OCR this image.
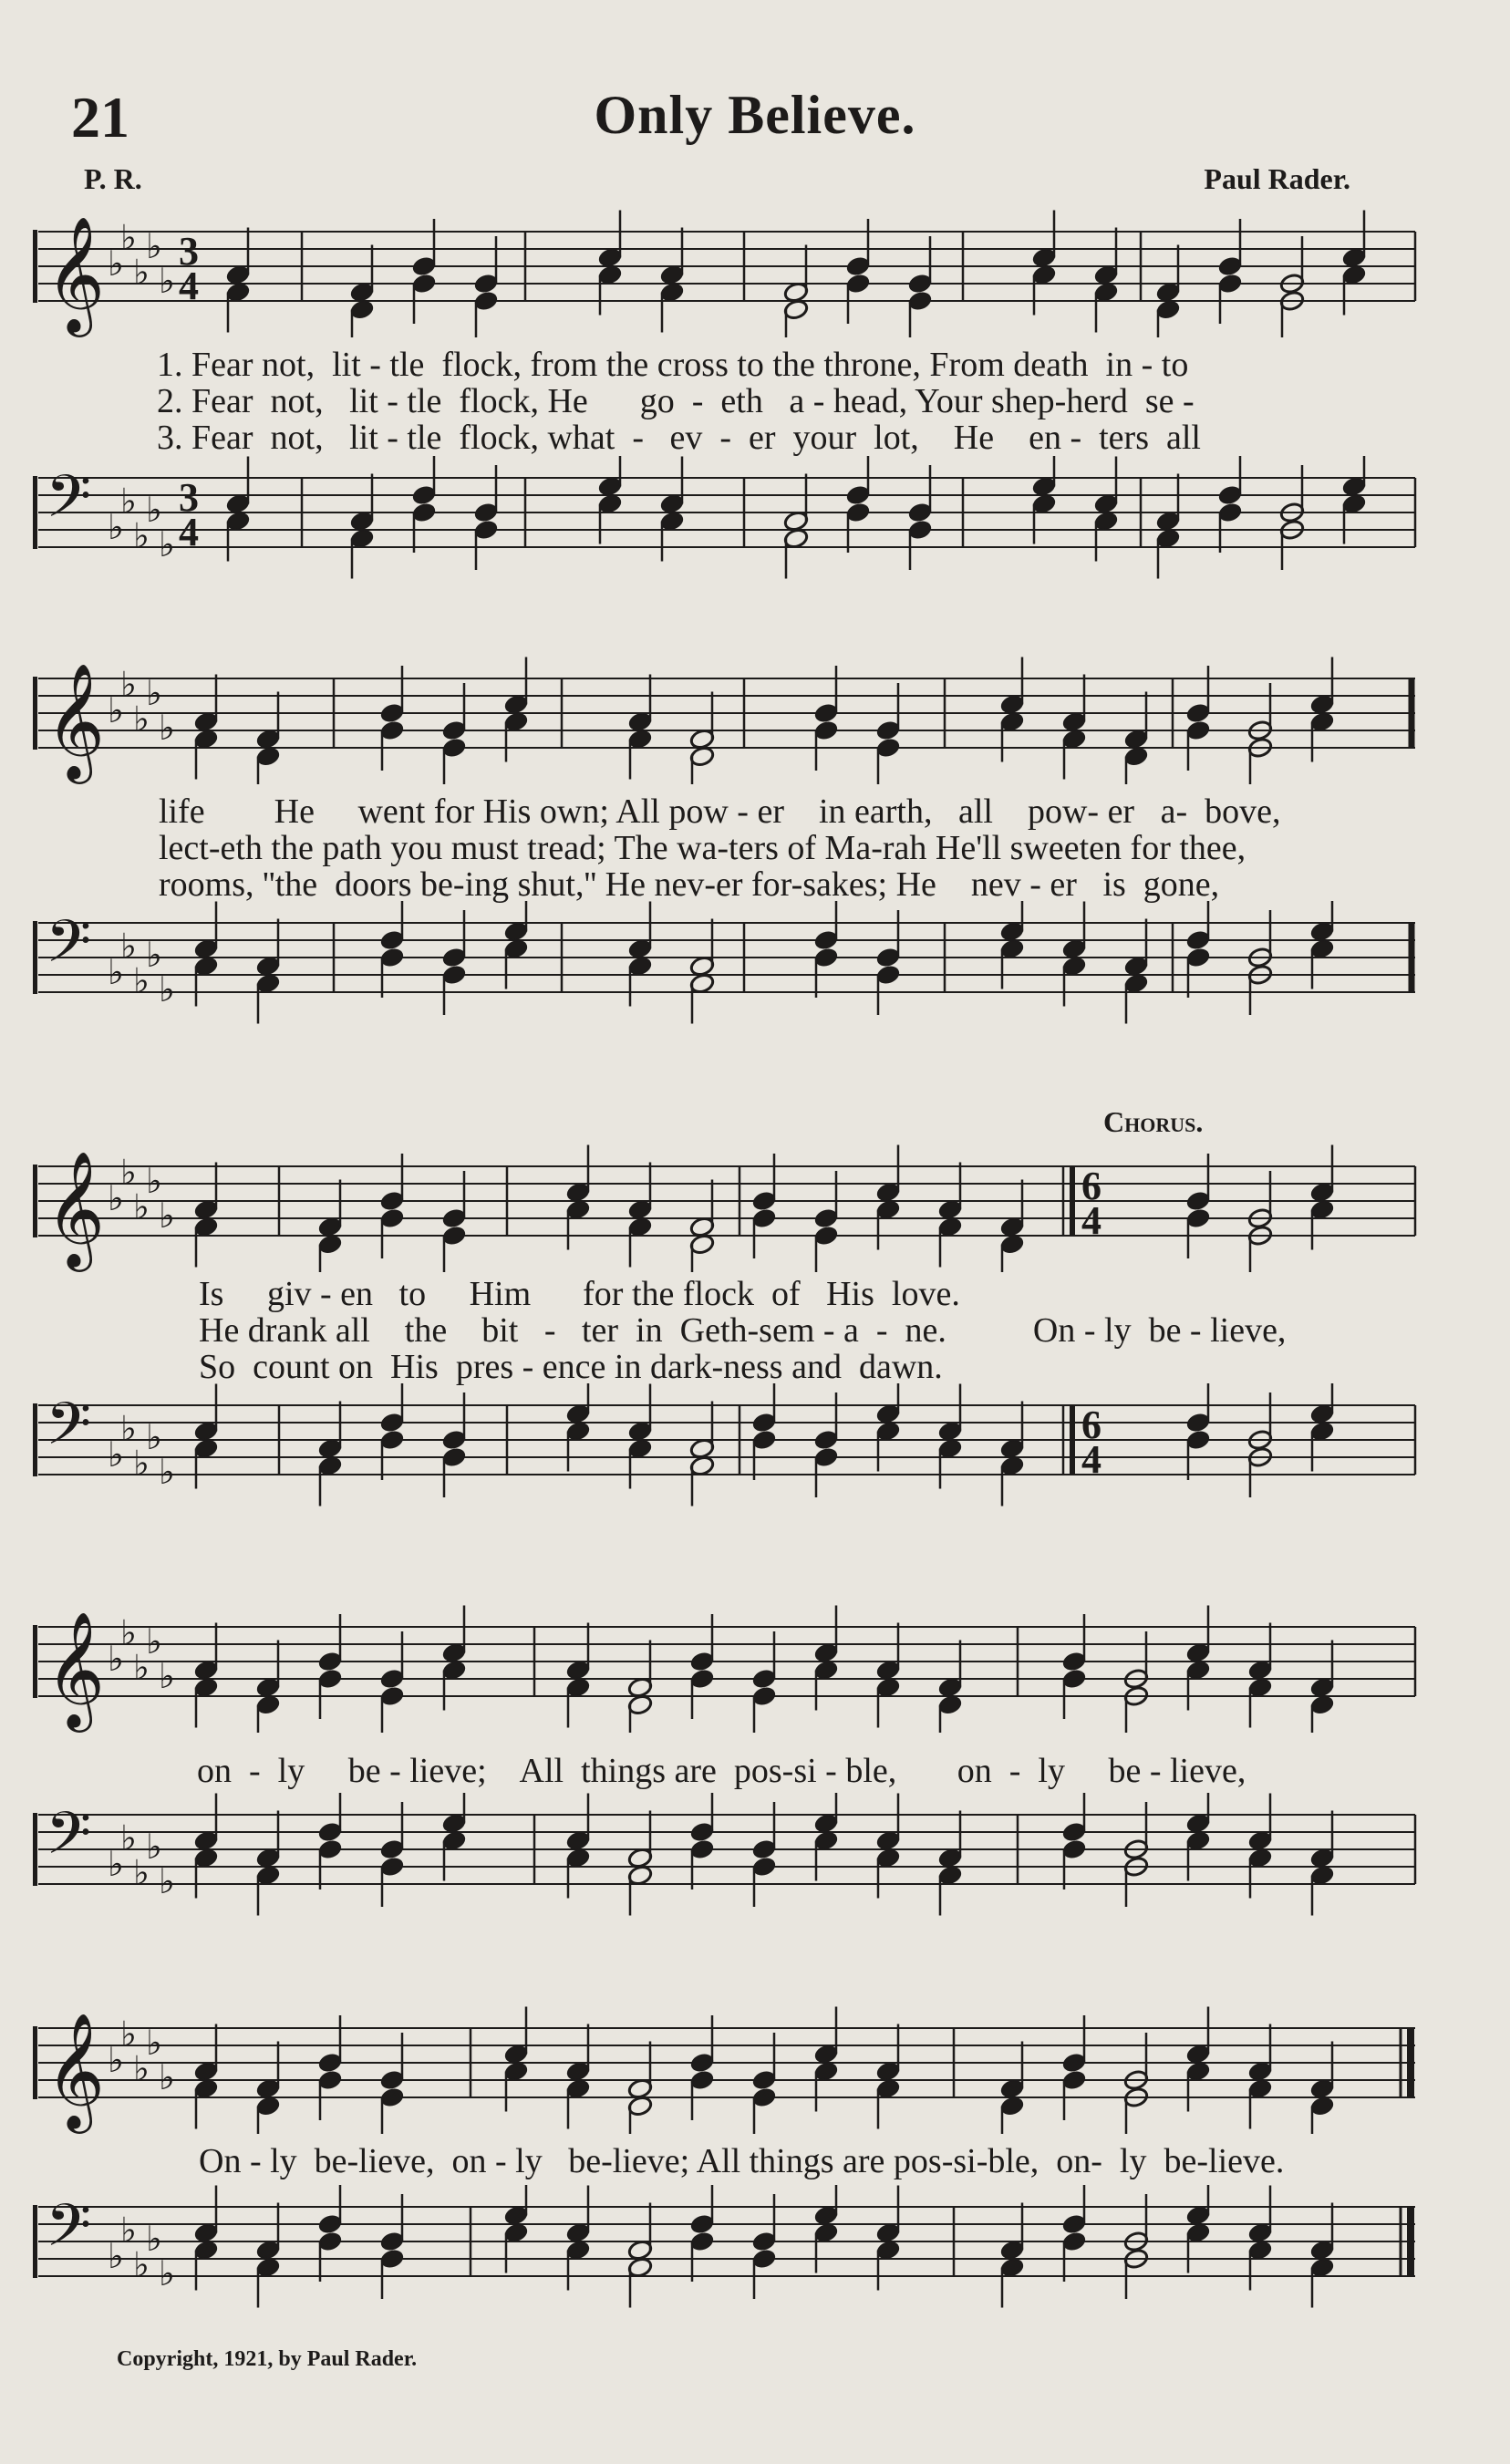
21	Only Believe.
P. R.	Paul Rader.
𝄞 ♭
♭
♭
♭
♭
3
4
1. Fear not,  lit - tle  flock, from the cross to the throne, From death  in - to
2. Fear  not,   lit - tle  flock, He      go  -  eth   a - head, Your shep-herd  se -
3. Fear  not,   lit - tle  flock, what  -   ev  -  er  your  lot,    He    en -  ters  all
𝄢 ♭
♭
♭
♭
♭
3
4
𝄞 ♭
♭
♭
♭
♭
life        He     went for His own; All pow - er    in earth,   all    pow- er   a-  bove,
lect-eth the path you must tread; The wa-ters of Ma-rah He'll sweeten for thee,
rooms, ''the  doors be-ing shut,'' He nev-er for-sakes; He    nev - er   is  gone,
𝄢 ♭
♭
♭
♭
♭
𝄞 ♭
♭
♭
♭
♭
6
4
Is     giv - en   to     Him      for the flock  of   His  love.
He drank all    the    bit   -   ter  in  Geth-sem - a  -  ne.          On - ly  be - lieve,
So  count on  His  pres - ence in dark-ness and  dawn.
𝄢 ♭
♭
♭
♭
♭
6
4
Chorus.
𝄞 ♭
♭
♭
♭
♭
on  -  ly     be - lieve;    All  things are  pos-si - ble,       on  -  ly     be - lieve,
𝄢 ♭
♭
♭
♭
♭
𝄞 ♭
♭
♭
♭
♭
On - ly  be-lieve,  on - ly   be-lieve; All things are pos-si-ble,  on-  ly  be-lieve.
𝄢 ♭
♭
♭
♭
♭
Copyright, 1921, by Paul Rader.
